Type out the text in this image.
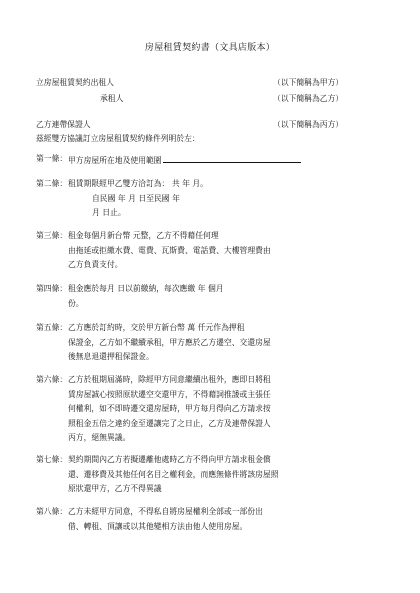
房屋租賃契約書（文具店版本）
立房屋租賃契約出租人	（以下簡稱為甲方）
承租人	（以下簡稱為乙方）
乙方連帶保證人	（以下簡稱為丙方）
茲經雙方協議訂立房屋租賃契約條件列明於左：
第一條： 甲方房屋所在地及使用範圍
第二條： 租賃期限經甲乙雙方洽訂為： 共 年 月。
自民國 年 月 日至民國 年
月 日止。
第三條： 租金每個月新台幣 元整，乙方不得藉任何理
由拖延或拒繳水費、電費、瓦斯費、電話費、大樓管理費由
乙方負責支付。
第四條： 租金應於每月 日以前繳納，每次應繳 年 個月
份。
第五條： 乙方應於訂約時，交於甲方新台幣 萬 仟元作為押租
保證金，乙方如不繼續承租，甲方應於乙方遷空、交還房屋
後無息退還押租保證金。
第六條： 乙方於租期屆滿時，除經甲方同意繼續出租外，應即日將租
賃房屋誠心按照原狀遷空交還甲方，不得藉詞推諉或主張任
何權利，如不即時遷交還房屋時，甲方每月得向乙方請求按
照租金五倍之違約金至遷讓完了之日止，乙方及連帶保證人
丙方，絕無異議。
第七條： 契約期間內乙方若擬遷離他處時乙方不得向甲方請求租金償
還、遷移費及其他任何名目之權利金，而應無條件將該房屋照
原狀還甲方，乙方不得異議
第八條： 乙方未經甲方同意，不得私自將房屋權利全部或一部份出
借、轉租、頂讓或以其他變相方法由他人使用房屋。
